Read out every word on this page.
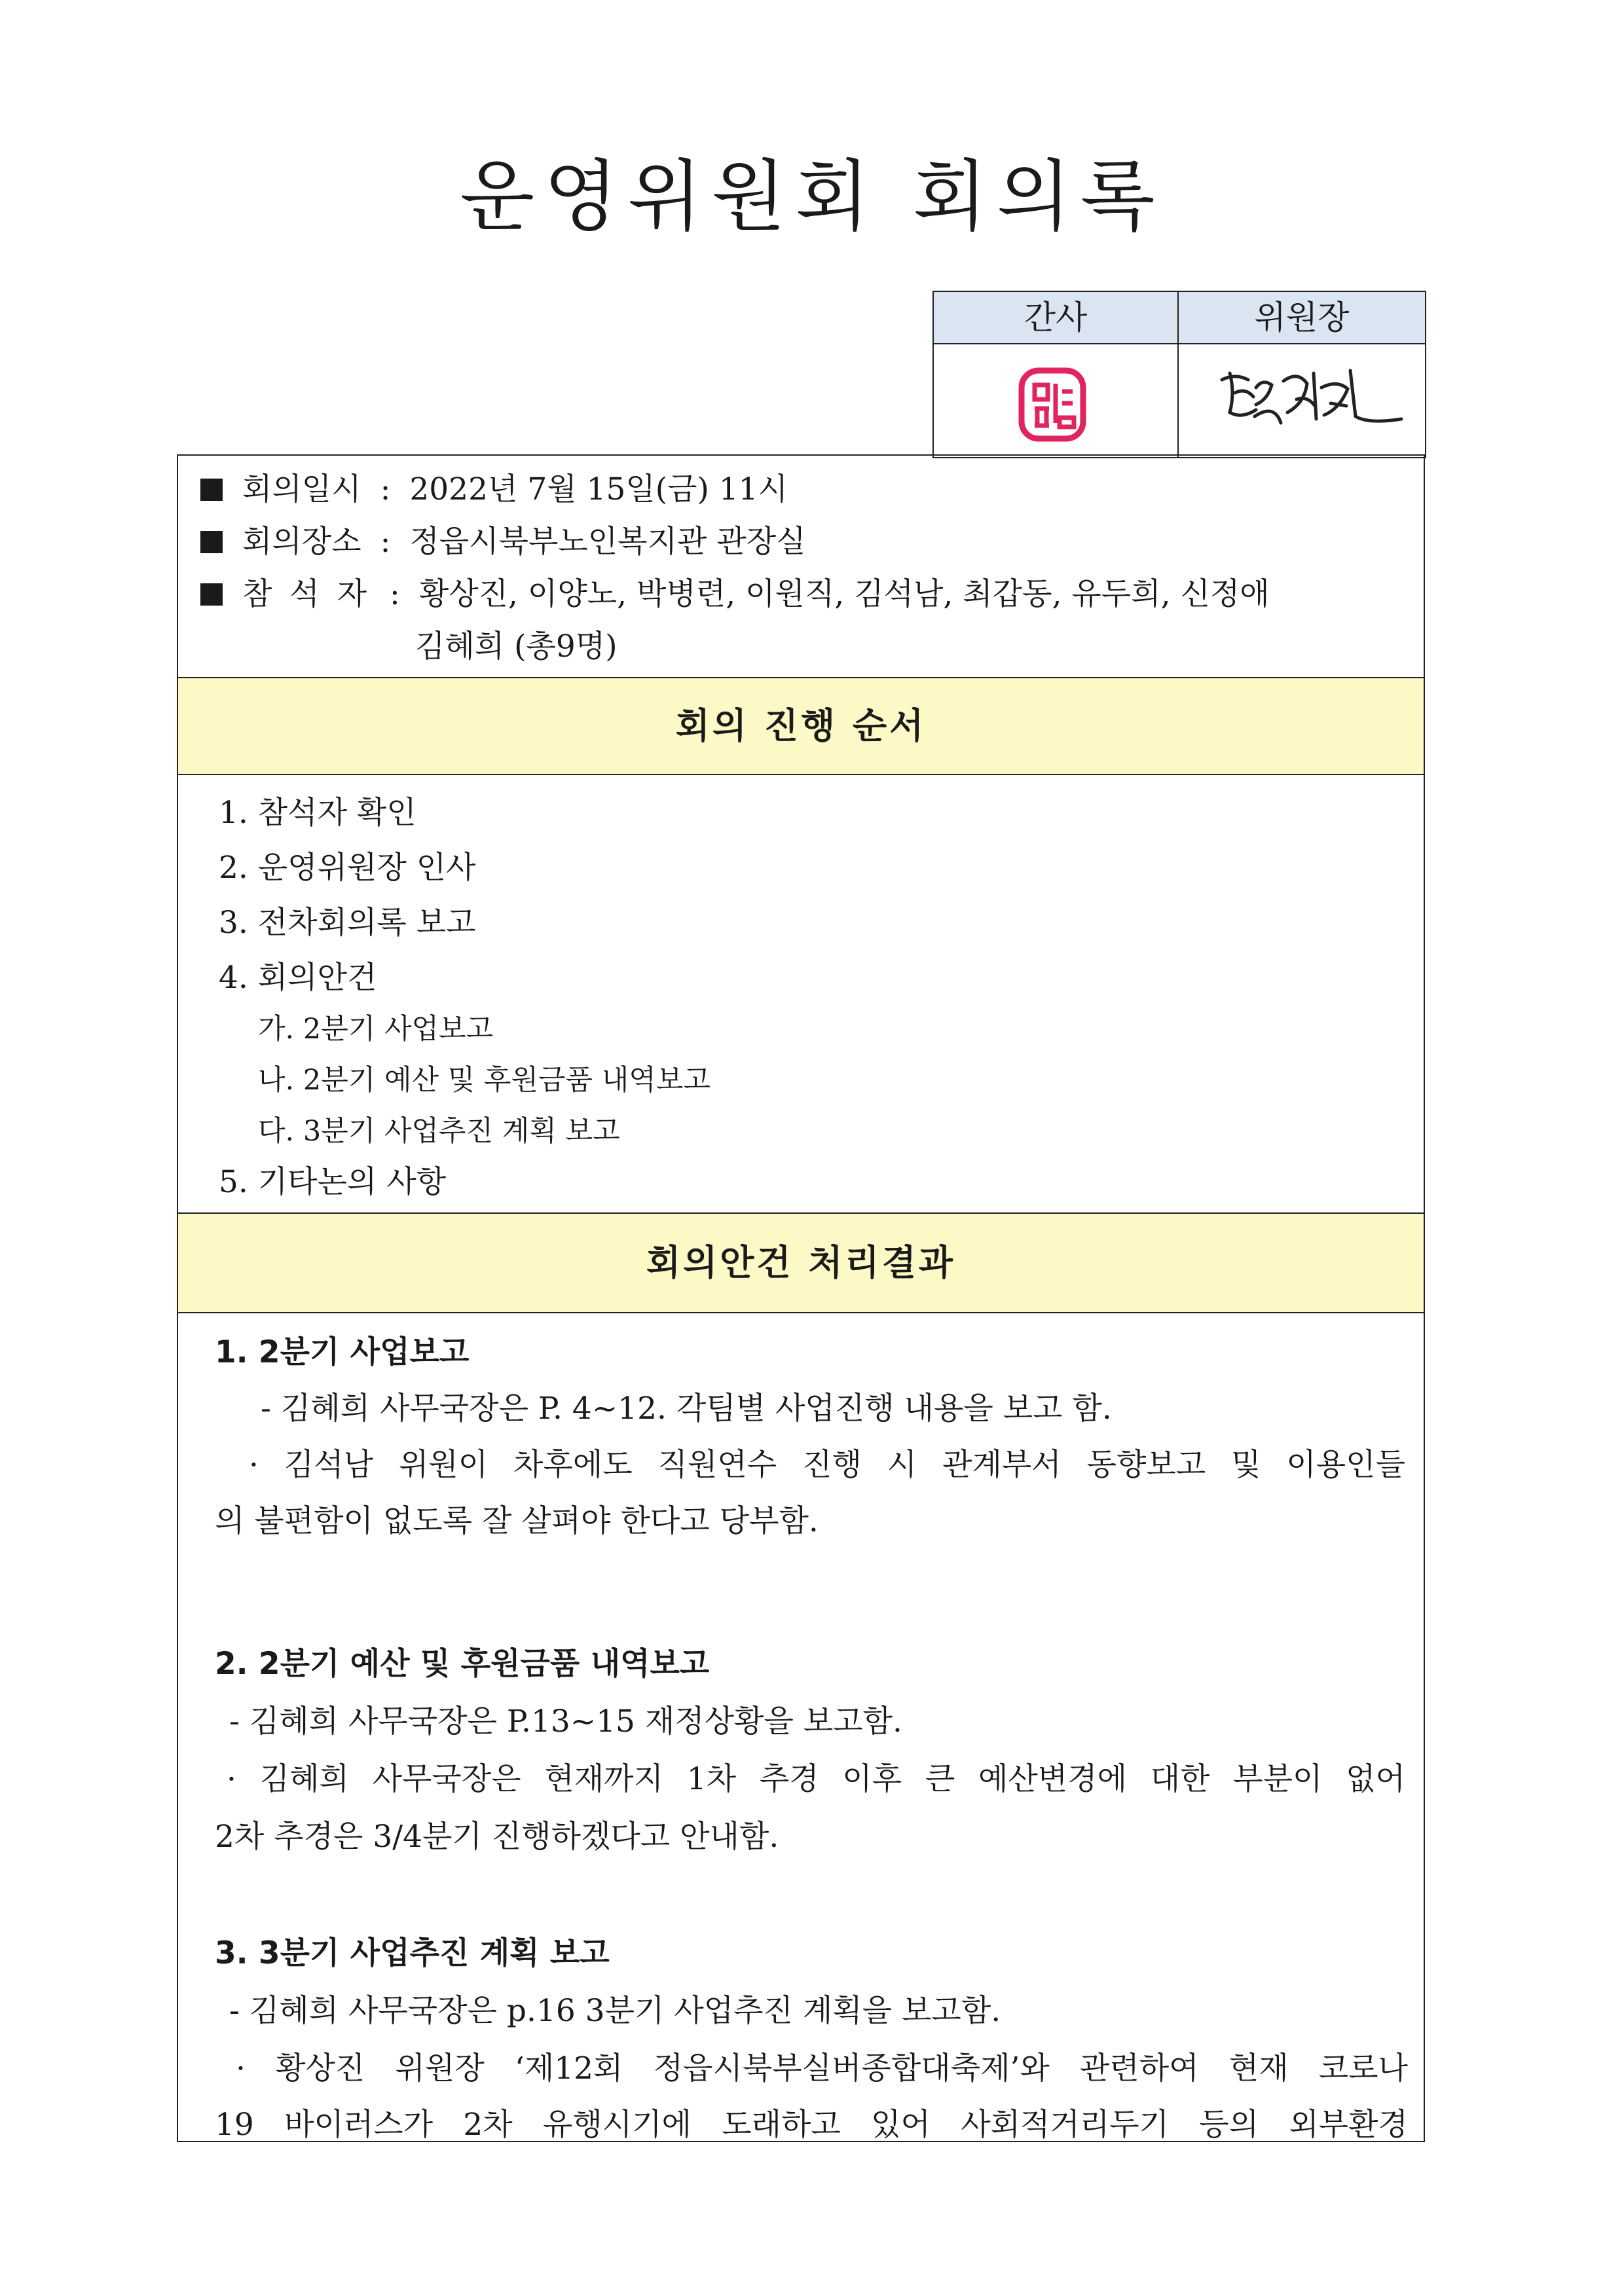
운영위원회 회의록
간사	위원장
회의일시 : 2022년 7월 15일(금) 11시
회의장소 : 정읍시북부노인복지관 관장실
참 석 자 : 황상진, 이양노, 박병련, 이원직, 김석남, 최갑동, 유두희, 신정애
김혜희 (총9명)
회의 진행 순서
1. 참석자 확인
2. 운영위원장 인사
3. 전차회의록 보고
4. 회의안건
가. 2분기 사업보고
나. 2분기 예산 및 후원금품 내역보고
다. 3분기 사업추진 계획 보고
5. 기타논의 사항
회의안건 처리결과
1. 2분기 사업보고
- 김혜희 사무국장은 P. 4~12. 각팀별 사업진행 내용을 보고 함.
· 김석남 위원이 차후에도 직원연수 진행 시 관계부서 동향보고 및 이용인들
의 불편함이 없도록 잘 살펴야 한다고 당부함.
2. 2분기 예산 및 후원금품 내역보고
- 김혜희 사무국장은 P.13~15 재정상황을 보고함.
· 김혜희 사무국장은 현재까지 1차 추경 이후 큰 예산변경에 대한 부분이 없어
2차 추경은 3/4분기 진행하겠다고 안내함.
3. 3분기 사업추진 계획 보고
- 김혜희 사무국장은 p.16 3분기 사업추진 계획을 보고함.
· 황상진 위원장 ‘제12회 정읍시북부실버종합대축제’와 관련하여 현재 코로나
19 바이러스가 2차 유행시기에 도래하고 있어 사회적거리두기 등의 외부환경
